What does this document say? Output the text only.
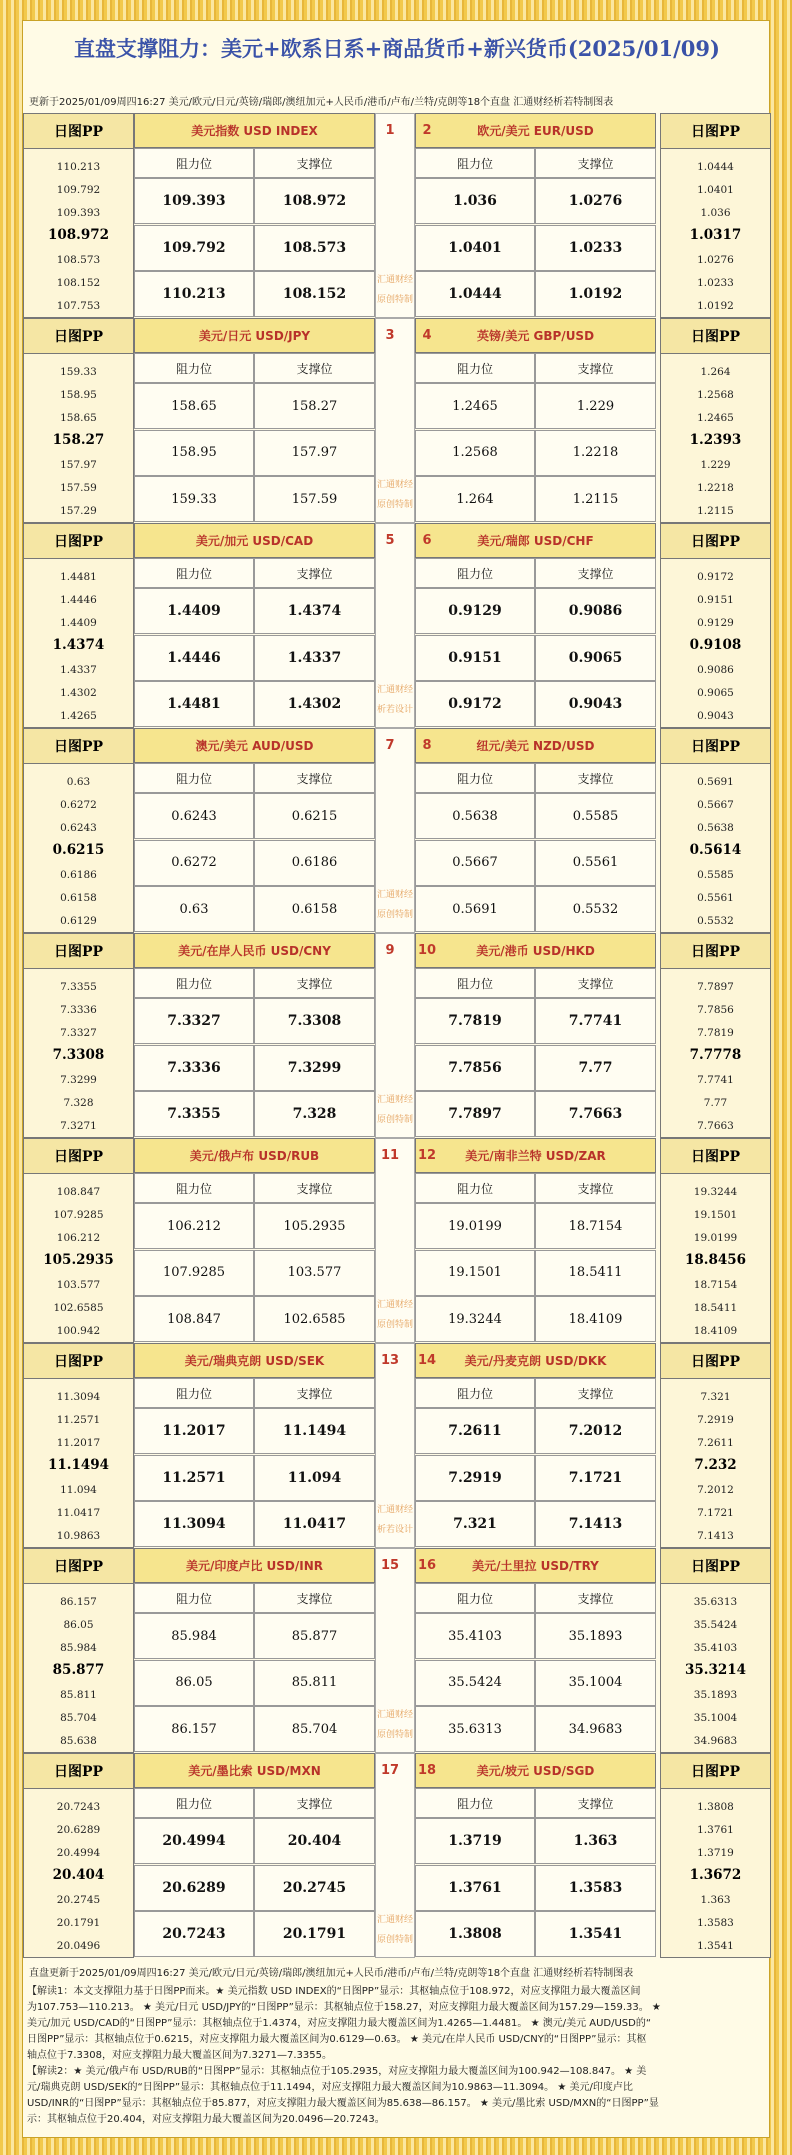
直盘支撑阻力：美元+欧系日系+商品货币+新兴货币(2025/01/09)
更新于2025/01/09周四16:27 美元/欧元/日元/英镑/瑞郎/澳纽加元+人民币/港币/卢布/兰特/克朗等18个直盘 汇通财经析若特制图表
日图PP
110.213
109.792
109.393
108.972
108.573
108.152
107.753
日图PP
1.0444
1.0401
1.036
1.0317
1.0276
1.0233
1.0192
美元指数 USD INDEX
阻力位	支撑位
109.393	108.972
109.792	108.573
110.213	108.152
欧元/美元 EUR/USD
阻力位	支撑位
1.036	1.0276
1.0401	1.0233
1.0444	1.0192
1	2
汇通财经
原创特制
日图PP
159.33
158.95
158.65
158.27
157.97
157.59
157.29
日图PP
1.264
1.2568
1.2465
1.2393
1.229
1.2218
1.2115
美元/日元 USD/JPY
阻力位	支撑位
158.65	158.27
158.95	157.97
159.33	157.59
英镑/美元 GBP/USD
阻力位	支撑位
1.2465	1.229
1.2568	1.2218
1.264	1.2115
3	4
汇通财经
原创特制
日图PP
1.4481
1.4446
1.4409
1.4374
1.4337
1.4302
1.4265
日图PP
0.9172
0.9151
0.9129
0.9108
0.9086
0.9065
0.9043
美元/加元 USD/CAD
阻力位	支撑位
1.4409	1.4374
1.4446	1.4337
1.4481	1.4302
美元/瑞郎 USD/CHF
阻力位	支撑位
0.9129	0.9086
0.9151	0.9065
0.9172	0.9043
5	6
汇通财经
析若设计
日图PP
0.63
0.6272
0.6243
0.6215
0.6186
0.6158
0.6129
日图PP
0.5691
0.5667
0.5638
0.5614
0.5585
0.5561
0.5532
澳元/美元 AUD/USD
阻力位	支撑位
0.6243	0.6215
0.6272	0.6186
0.63	0.6158
纽元/美元 NZD/USD
阻力位	支撑位
0.5638	0.5585
0.5667	0.5561
0.5691	0.5532
7	8
汇通财经
原创特制
日图PP
7.3355
7.3336
7.3327
7.3308
7.3299
7.328
7.3271
日图PP
7.7897
7.7856
7.7819
7.7778
7.7741
7.77
7.7663
美元/在岸人民币 USD/CNY
阻力位	支撑位
7.3327	7.3308
7.3336	7.3299
7.3355	7.328
美元/港币 USD/HKD
阻力位	支撑位
7.7819	7.7741
7.7856	7.77
7.7897	7.7663
9	10
汇通财经
原创特制
日图PP
108.847
107.9285
106.212
105.2935
103.577
102.6585
100.942
日图PP
19.3244
19.1501
19.0199
18.8456
18.7154
18.5411
18.4109
美元/俄卢布 USD/RUB
阻力位	支撑位
106.212	105.2935
107.9285	103.577
108.847	102.6585
美元/南非兰特 USD/ZAR
阻力位	支撑位
19.0199	18.7154
19.1501	18.5411
19.3244	18.4109
11	12
汇通财经
原创特制
日图PP
11.3094
11.2571
11.2017
11.1494
11.094
11.0417
10.9863
日图PP
7.321
7.2919
7.2611
7.232
7.2012
7.1721
7.1413
美元/瑞典克朗 USD/SEK
阻力位	支撑位
11.2017	11.1494
11.2571	11.094
11.3094	11.0417
美元/丹麦克朗 USD/DKK
阻力位	支撑位
7.2611	7.2012
7.2919	7.1721
7.321	7.1413
13	14
汇通财经
析若设计
日图PP
86.157
86.05
85.984
85.877
85.811
85.704
85.638
日图PP
35.6313
35.5424
35.4103
35.3214
35.1893
35.1004
34.9683
美元/印度卢比 USD/INR
阻力位	支撑位
85.984	85.877
86.05	85.811
86.157	85.704
美元/土里拉 USD/TRY
阻力位	支撑位
35.4103	35.1893
35.5424	35.1004
35.6313	34.9683
15	16
汇通财经
原创特制
日图PP
20.7243
20.6289
20.4994
20.404
20.2745
20.1791
20.0496
日图PP
1.3808
1.3761
1.3719
1.3672
1.363
1.3583
1.3541
美元/墨比索 USD/MXN
阻力位	支撑位
20.4994	20.404
20.6289	20.2745
20.7243	20.1791
美元/坡元 USD/SGD
阻力位	支撑位
1.3719	1.363
1.3761	1.3583
1.3808	1.3541
17	18
汇通财经
原创特制
直盘更新于2025/01/09周四16:27 美元/欧元/日元/英镑/瑞郎/澳纽加元+人民币/港币/卢布/兰特/克朗等18个直盘 汇通财经析若特制图表
【解读1：本文支撑阻力基于日图PP而来。★ 美元指数 USD INDEX的“日图PP”显示：其枢轴点位于108.972，对应支撑阻力最大覆盖区间
为107.753—110.213。 ★ 美元/日元 USD/JPY的“日图PP”显示：其枢轴点位于158.27，对应支撑阻力最大覆盖区间为157.29—159.33。 ★
美元/加元 USD/CAD的“日图PP”显示：其枢轴点位于1.4374，对应支撑阻力最大覆盖区间为1.4265—1.4481。 ★ 澳元/美元 AUD/USD的“
日图PP”显示：其枢轴点位于0.6215，对应支撑阻力最大覆盖区间为0.6129—0.63。 ★ 美元/在岸人民币 USD/CNY的“日图PP”显示：其枢
轴点位于7.3308，对应支撑阻力最大覆盖区间为7.3271—7.3355。
【解读2：★ 美元/俄卢布 USD/RUB的“日图PP”显示：其枢轴点位于105.2935，对应支撑阻力最大覆盖区间为100.942—108.847。 ★ 美
元/瑞典克朗 USD/SEK的“日图PP”显示：其枢轴点位于11.1494，对应支撑阻力最大覆盖区间为10.9863—11.3094。 ★ 美元/印度卢比
USD/INR的“日图PP”显示：其枢轴点位于85.877，对应支撑阻力最大覆盖区间为85.638—86.157。 ★ 美元/墨比索 USD/MXN的“日图PP”显
示：其枢轴点位于20.404，对应支撑阻力最大覆盖区间为20.0496—20.7243。
